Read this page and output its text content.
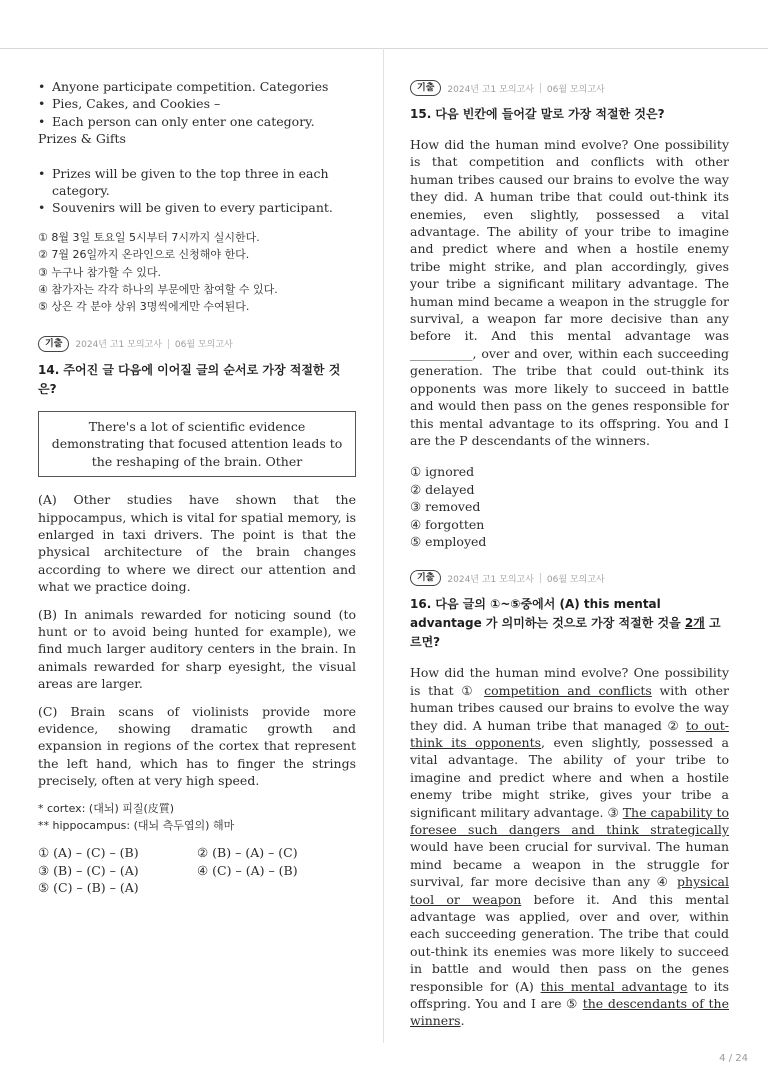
• Anyone participate competition. Categories
• Pies, Cakes, and Cookies –
• Each person can only enter one category.
Prizes & Gifts
• Prizes will be given to the top three in each category.
• Souvenirs will be given to every participant.
① 8월 3일 토요일 5시부터 7시까지 실시한다.
② 7월 26일까지 온라인으로 신청해야 한다.
③ 누구나 참가할 수 있다.
④ 참가자는 각각 하나의 부문에만 참여할 수 있다.
⑤ 상은 각 분야 상위 3명씩에게만 수여된다.
기출	2024년 고1 모의고사 06월 모의고사
14. 주어진 글 다음에 이어질 글의 순서로 가장 적절한 것은?
There's a lot of scientific evidence demonstrating that focused attention leads to the reshaping of the brain. Other
(A) Other studies have shown that the hippocampus, which is vital for spatial memory, is enlarged in taxi drivers. The point is that the physical architecture of the brain changes according to where we direct our attention and what we practice doing.
(B) In animals rewarded for noticing sound (to hunt or to avoid being hunted for example), we find much larger auditory centers in the brain. In animals rewarded for sharp eyesight, the visual areas are larger.
(C) Brain scans of violinists provide more evidence, showing dramatic growth and expansion in regions of the cortex that represent the left hand, which has to finger the strings precisely, often at very high speed.
* cortex: (대뇌) 피질(皮質)
** hippocampus: (대뇌 측두엽의) 해마
① (A) – (C) – (B)	② (B) – (A) – (C)
③ (B) – (C) – (A)	④ (C) – (A) – (B)
⑤ (C) – (B) – (A)
기출	2024년 고1 모의고사 06월 모의고사
15. 다음 빈칸에 들어갈 말로 가장 적절한 것은?
How did the human mind evolve? One possibility is that competition and conflicts with other human tribes caused our brains to evolve the way they did. A human tribe that could out-think its enemies, even slightly, possessed a vital advantage. The ability of your tribe to imagine and predict where and when a hostile enemy tribe might strike, and plan accordingly, gives your tribe a significant military advantage. The human mind became a weapon in the struggle for survival, a weapon far more decisive than any before it. And this mental advantage was __________, over and over, within each succeeding generation. The tribe that could out-think its opponents was more likely to succeed in battle and would then pass on the genes responsible for this mental advantage to its offspring. You and I are the P descendants of the winners.
① ignored
② delayed
③ removed
④ forgotten
⑤ employed
기출	2024년 고1 모의고사 06월 모의고사
16. 다음 글의 ①~⑤중에서 (A) this mental advantage 가 의미하는 것으로 가장 적절한 것을 2개 고르면?
How did the human mind evolve? One possibility is that ① competition and conflicts with other human tribes caused our brains to evolve the way they did. A human tribe that managed ② to out-think its opponents, even slightly, possessed a vital advantage. The ability of your tribe to imagine and predict where and when a hostile enemy tribe might strike, gives your tribe a significant military advantage. ③ The capability to foresee such dangers and think strategically would have been crucial for survival. The human mind became a weapon in the struggle for survival, far more decisive than any ④ physical tool or weapon before it. And this mental advantage was applied, over and over, within each succeeding generation. The tribe that could out-think its enemies was more likely to succeed in battle and would then pass on the genes responsible for (A) this mental advantage to its offspring. You and I are ⑤ the descendants of the winners.
4 / 24
